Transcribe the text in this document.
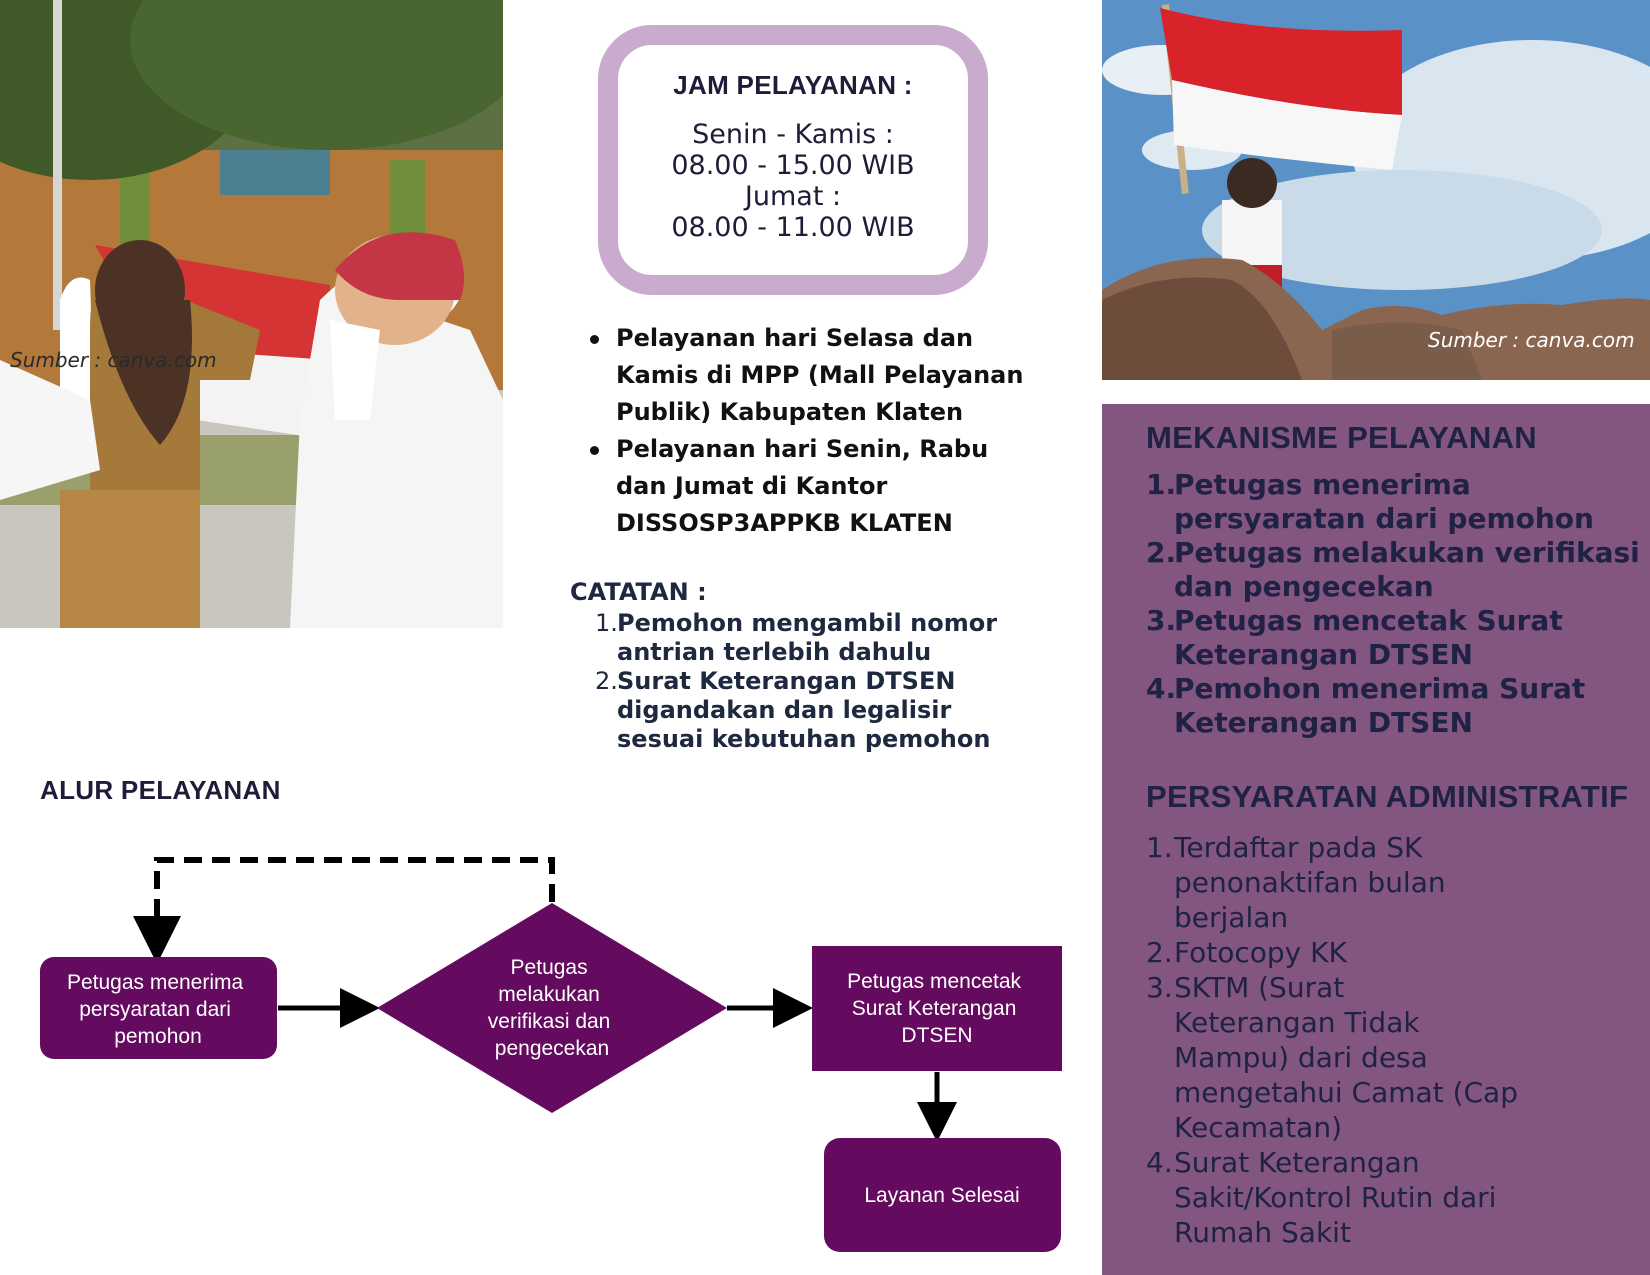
Sumber : canva.com
Sumber : canva.com
JAM PELAYANAN :
Senin - Kamis :
08.00 - 15.00 WIB
Jumat :
08.00 - 11.00 WIB
Pelayanan hari Selasa dan Kamis di MPP (Mall Pelayanan Publik) Kabupaten Klaten
Pelayanan hari Senin, Rabu dan Jumat di Kantor DISSOSP3APPKB KLATEN
CATATAN :
1. Pemohon mengambil nomor antrian terlebih dahulu
2. Surat Keterangan DTSEN digandakan dan legalisir sesuai kebutuhan pemohon
ALUR PELAYANAN
Petugas menerima persyaratan dari pemohon
Petugas melakukan verifikasi dan pengecekan
Petugas mencetak Surat Keterangan DTSEN
Layanan Selesai
MEKANISME PELAYANAN
1.
Petugas menerima
persyaratan dari pemohon
2.
Petugas melakukan verifikasi
dan pengecekan
3.
Petugas mencetak Surat
Keterangan DTSEN
4.
Pemohon menerima Surat
Keterangan DTSEN
PERSYARATAN ADMINISTRATIF
1. Terdaftar pada SK
penonaktifan bulan
berjalan
2. Fotocopy KK
3. SKTM (Surat
Keterangan Tidak
Mampu) dari desa
mengetahui Camat (Cap
Kecamatan)
4. Surat Keterangan
Sakit/Kontrol Rutin dari
Rumah Sakit
